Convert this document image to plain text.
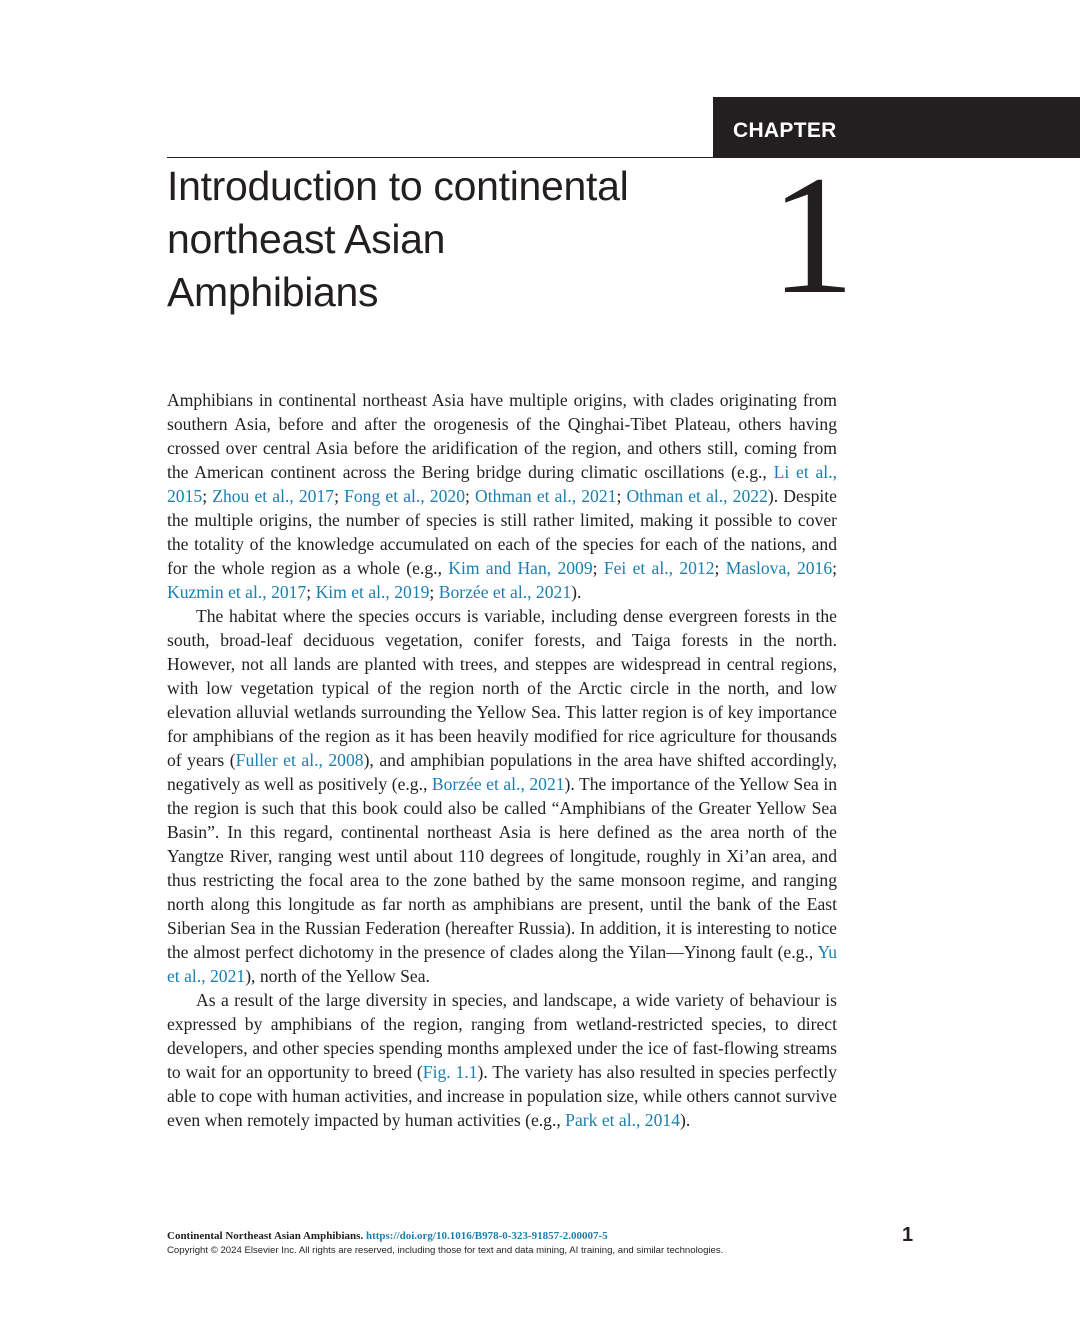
CHAPTER
Introduction to continental
northeast Asian
Amphibians	1

Amphibians in continental northeast Asia have multiple origins, with clades originating from southern Asia, before and after the orogenesis of the Qinghai-Tibet Plateau, others having crossed over central Asia before the aridification of the region, and others still, coming from the American continent across the Bering bridge during climatic oscillations (e.g., Li et al., 2015; Zhou et al., 2017; Fong et al., 2020; Othman et al., 2021; Othman et al., 2022). Despite the multiple origins, the number of species is still rather limited, making it possible to cover the totality of the knowledge accumulated on each of the species for each of the nations, and for the whole region as a whole (e.g., Kim and Han, 2009; Fei et al., 2012; Maslova, 2016; Kuzmin et al., 2017; Kim et al., 2019; Borzée et al., 2021).

The habitat where the species occurs is variable, including dense evergreen forests in the south, broad-leaf deciduous vegetation, conifer forests, and Taiga forests in the north. However, not all lands are planted with trees, and steppes are widespread in central regions, with low vegetation typical of the region north of the Arctic circle in the north, and low elevation alluvial wetlands surrounding the Yellow Sea. This latter region is of key importance for amphibians of the region as it has been heavily modified for rice agriculture for thousands of years (Fuller et al., 2008), and amphibian populations in the area have shifted accordingly, negatively as well as positively (e.g., Borzée et al., 2021). The importance of the Yellow Sea in the region is such that this book could also be called “Amphibians of the Greater Yellow Sea Basin”. In this regard, continental northeast Asia is here defined as the area north of the Yangtze River, ranging west until about 110 degrees of longitude, roughly in Xi’an area, and thus restricting the focal area to the zone bathed by the same monsoon regime, and ranging north along this longitude as far north as amphibians are present, until the bank of the East Siberian Sea in the Russian Federation (hereafter Russia). In addition, it is interesting to notice the almost perfect dichotomy in the presence of clades along the Yilan—Yinong fault (e.g., Yu et al., 2021), north of the Yellow Sea.

As a result of the large diversity in species, and landscape, a wide variety of behaviour is expressed by amphibians of the region, ranging from wetland-restricted species, to direct developers, and other species spending months amplexed under the ice of fast-flowing streams to wait for an opportunity to breed (Fig. 1.1). The variety has also resulted in species perfectly able to cope with human activities, and increase in population size, while others cannot survive even when remotely impacted by human activities (e.g., Park et al., 2014).

Continental Northeast Asian Amphibians. https://doi.org/10.1016/B978-0-323-91857-2.00007-5
Copyright © 2024 Elsevier Inc. All rights are reserved, including those for text and data mining, AI training, and similar technologies.
1
